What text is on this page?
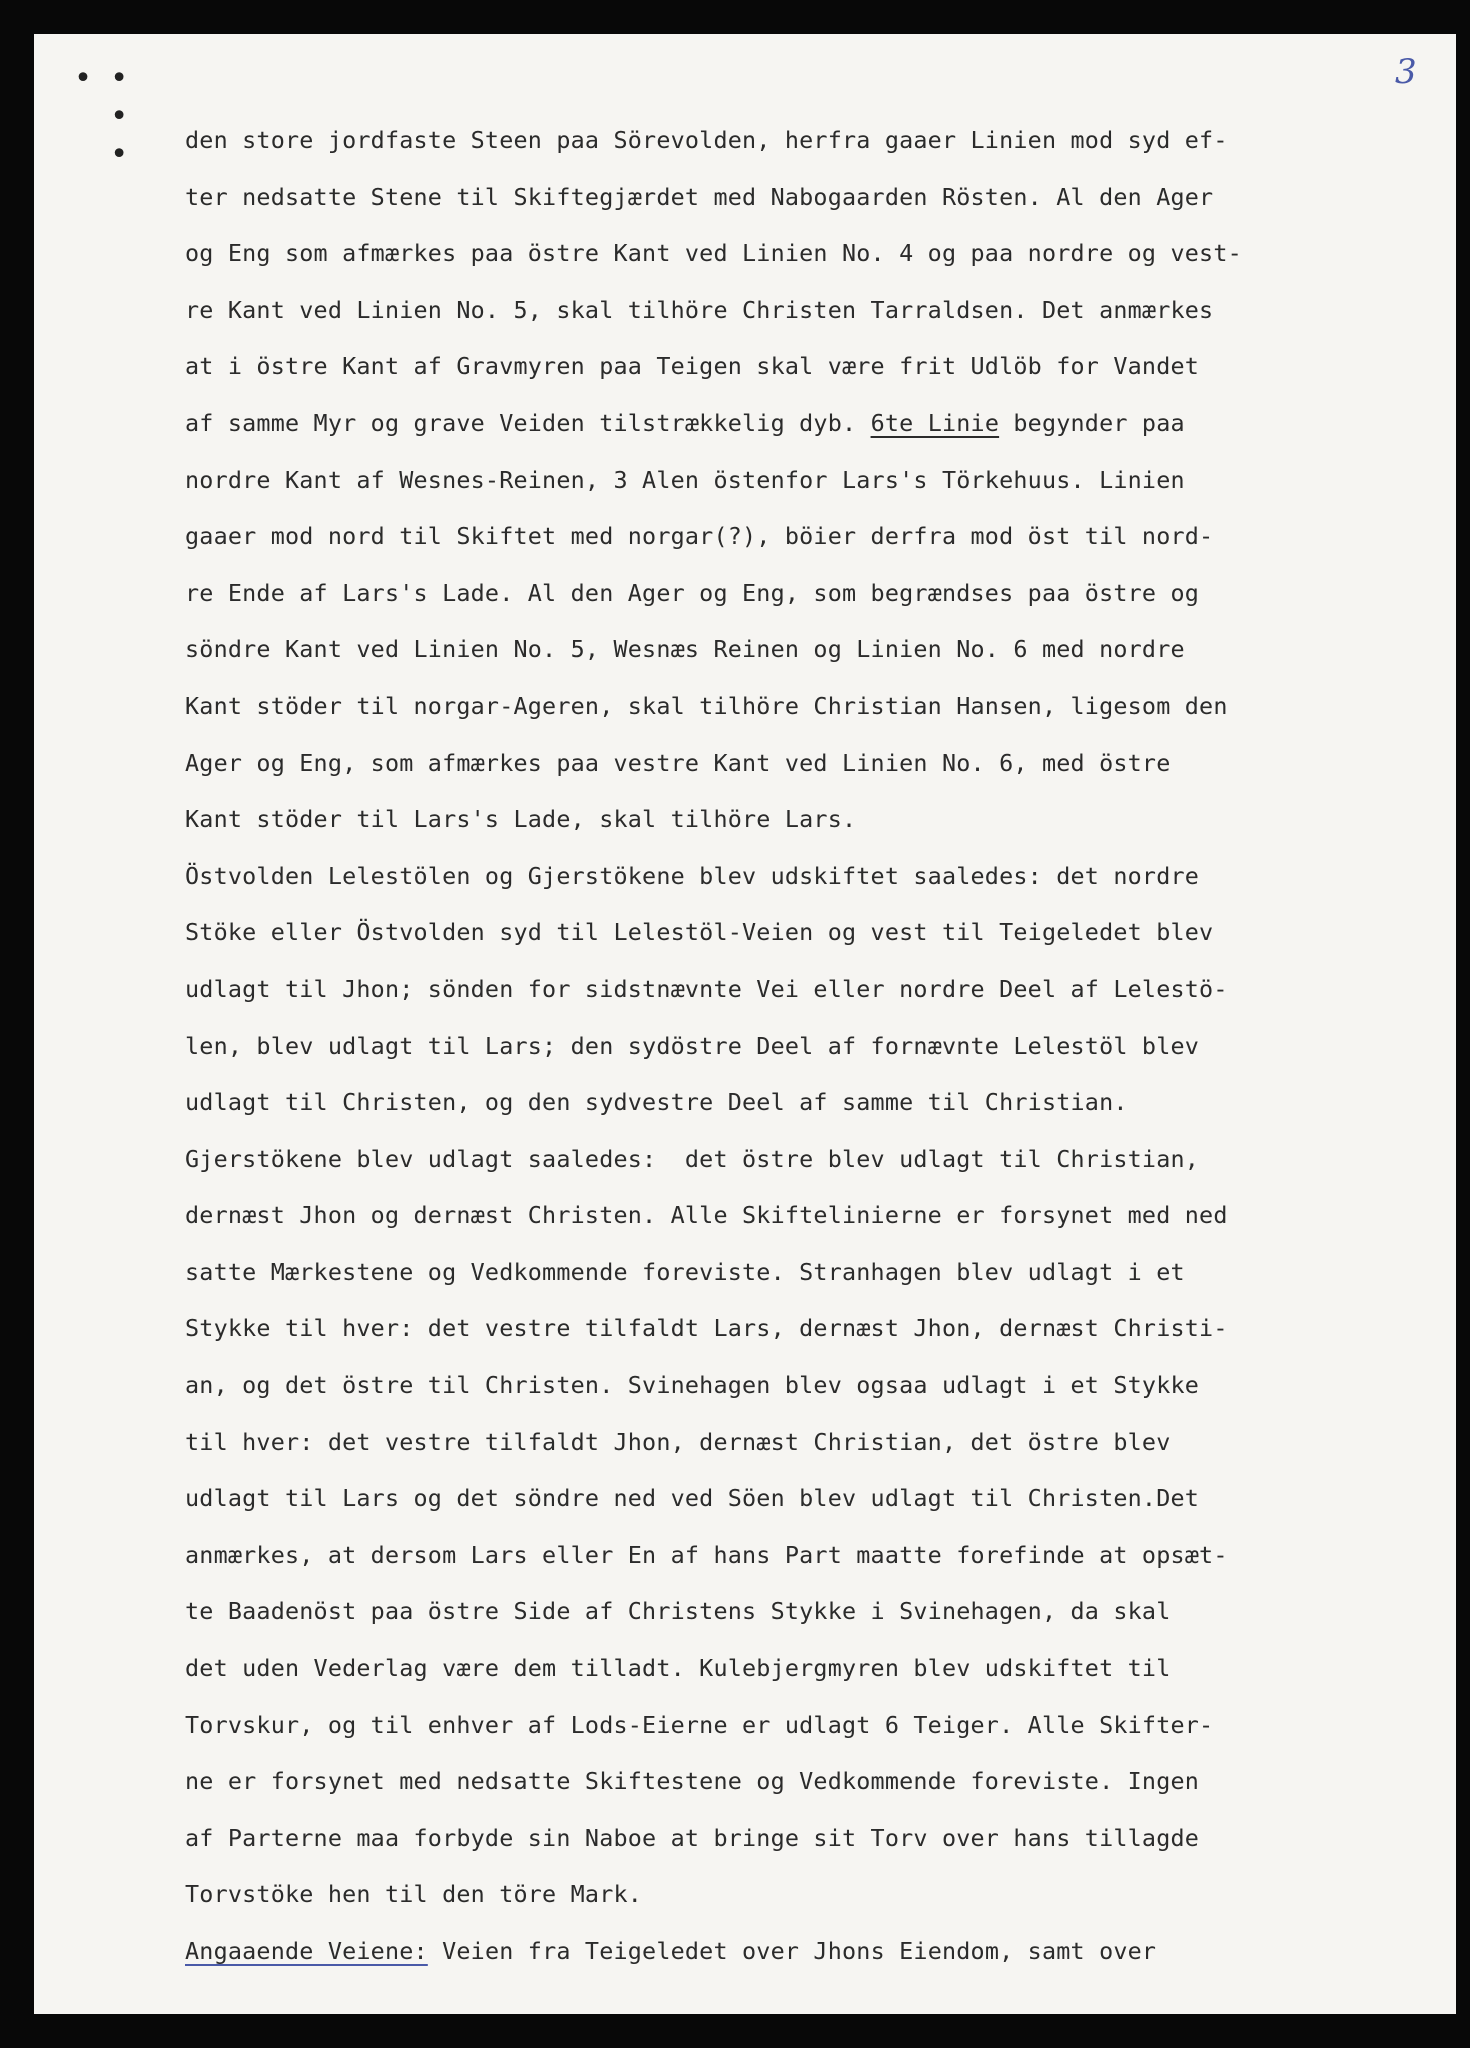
• •
•
•
3
den store jordfaste Steen paa Sörevolden, herfra gaaer Linien mod syd ef-
ter nedsatte Stene til Skiftegjærdet med Nabogaarden Rösten. Al den Ager
og Eng som afmærkes paa östre Kant ved Linien No. 4 og paa nordre og vest-
re Kant ved Linien No. 5, skal tilhöre Christen Tarraldsen. Det anmærkes
at i östre Kant af Gravmyren paa Teigen skal være frit Udlöb for Vandet
af samme Myr og grave Veiden tilstrækkelig dyb. 6te Linie begynder paa
nordre Kant af Wesnes-Reinen, 3 Alen östenfor Lars's Törkehuus. Linien
gaaer mod nord til Skiftet med norgar(?), böier derfra mod öst til nord-
re Ende af Lars's Lade. Al den Ager og Eng, som begrændses paa östre og
söndre Kant ved Linien No. 5, Wesnæs Reinen og Linien No. 6 med nordre
Kant stöder til norgar-Ageren, skal tilhöre Christian Hansen, ligesom den
Ager og Eng, som afmærkes paa vestre Kant ved Linien No. 6, med östre
Kant stöder til Lars's Lade, skal tilhöre Lars.
Östvolden Lelestölen og Gjerstökene blev udskiftet saaledes: det nordre
Stöke eller Östvolden syd til Lelestöl-Veien og vest til Teigeledet blev
udlagt til Jhon; sönden for sidstnævnte Vei eller nordre Deel af Lelestö-
len, blev udlagt til Lars; den sydöstre Deel af fornævnte Lelestöl blev
udlagt til Christen, og den sydvestre Deel af samme til Christian.
Gjerstökene blev udlagt saaledes:  det östre blev udlagt til Christian,
dernæst Jhon og dernæst Christen. Alle Skiftelinierne er forsynet med ned
satte Mærkestene og Vedkommende foreviste. Stranhagen blev udlagt i et
Stykke til hver: det vestre tilfaldt Lars, dernæst Jhon, dernæst Christi-
an, og det östre til Christen. Svinehagen blev ogsaa udlagt i et Stykke
til hver: det vestre tilfaldt Jhon, dernæst Christian, det östre blev
udlagt til Lars og det söndre ned ved Söen blev udlagt til Christen.Det
anmærkes, at dersom Lars eller En af hans Part maatte forefinde at opsæt-
te Baadenöst paa östre Side af Christens Stykke i Svinehagen, da skal
det uden Vederlag være dem tilladt. Kulebjergmyren blev udskiftet til
Torvskur, og til enhver af Lods-Eierne er udlagt 6 Teiger. Alle Skifter-
ne er forsynet med nedsatte Skiftestene og Vedkommende foreviste. Ingen
af Parterne maa forbyde sin Naboe at bringe sit Torv over hans tillagde
Torvstöke hen til den töre Mark.
Angaaende Veiene: Veien fra Teigeledet over Jhons Eiendom, samt over
